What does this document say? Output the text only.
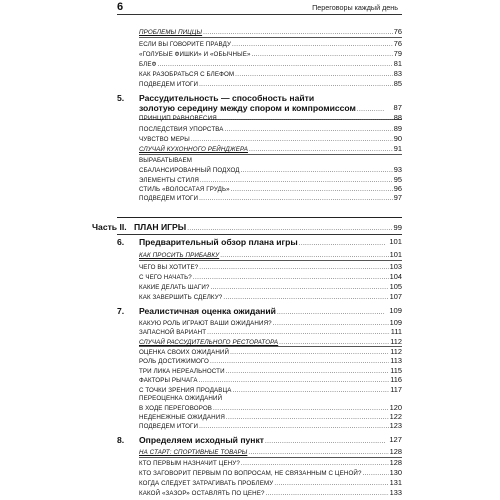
6	Переговоры каждый день
ПРОБЛЕМЫ ПИЦЦЫ .....	76
ЕСЛИ ВЫ ГОВОРИТЕ ПРАВДУ .....	76
«ГОЛУБЫЕ ФИШКИ» И «ОБЫЧНЫЕ» .....	79
БЛЕФ .....	81
КАК РАЗОБРАТЬСЯ С БЛЕФОМ .....	83
ПОДВЕДЕМ ИТОГИ .....	85
5. Рассудительность — способность найти
золотую середину между спором и компромиссом .....	87
ПРИНЦИП РАВНОВЕСИЯ .....	88
ПОСЛЕДСТВИЯ УПОРСТВА .....	89
ЧУВСТВО МЕРЫ .....	90
СЛУЧАЙ КУХОННОГО РЕЙНДЖЕРА .....	91
ВЫРАБАТЫВАЕМ
СБАЛАНСИРОВАННЫЙ ПОДХОД .....	93
ЭЛЕМЕНТЫ СТИЛЯ .....	95
СТИЛЬ «ВОЛОСАТАЯ ГРУДЬ» .....	96
ПОДВЕДЕМ ИТОГИ .....	97
Часть II. ПЛАН ИГРЫ .....	99
6. Предварительный обзор плана игры .....	101
КАК ПРОСИТЬ ПРИБАВКУ .....	101
ЧЕГО ВЫ ХОТИТЕ? .....	103
С ЧЕГО НАЧАТЬ? .....	104
КАКИЕ ДЕЛАТЬ ШАГИ? .....	105
КАК ЗАВЕРШИТЬ СДЕЛКУ? .....	107
7. Реалистичная оценка ожиданий .....	109
КАКУЮ РОЛЬ ИГРАЮТ ВАШИ ОЖИДАНИЯ? .....	109
ЗАПАСНОЙ ВАРИАНТ .....	111
СЛУЧАЙ РАССУДИТЕЛЬНОГО РЕСТОРАТОРА .....	112
ОЦЕНКА СВОИХ ОЖИДАНИЙ .....	112
РОЛЬ ДОСТИЖИМОГО .....	113
ТРИ ЛИКА НЕРЕАЛЬНОСТИ .....	115
ФАКТОРЫ РЫЧАГА .....	116
С ТОЧКИ ЗРЕНИЯ ПРОДАВЦА .....	117
ПЕРЕОЦЕНКА ОЖИДАНИЙ
В ХОДЕ ПЕРЕГОВОРОВ .....	120
НЕДЕНЕЖНЫЕ ОЖИДАНИЯ .....	122
ПОДВЕДЕМ ИТОГИ .....	123
8. Определяем исходный пункт .....	127
НА СТАРТ: СПОРТИВНЫЕ ТОВАРЫ .....	128
КТО ПЕРВЫМ НАЗНАЧИТ ЦЕНУ? .....	128
КТО ЗАГОВОРИТ ПЕРВЫМ ПО ВОПРОСАМ, НЕ СВЯЗАННЫМ С ЦЕНОЙ? .....	130
КОГДА СЛЕДУЕТ ЗАТРАГИВАТЬ ПРОБЛЕМУ .....	131
КАКОЙ «ЗАЗОР» ОСТАВЛЯТЬ ПО ЦЕНЕ? .....	133
